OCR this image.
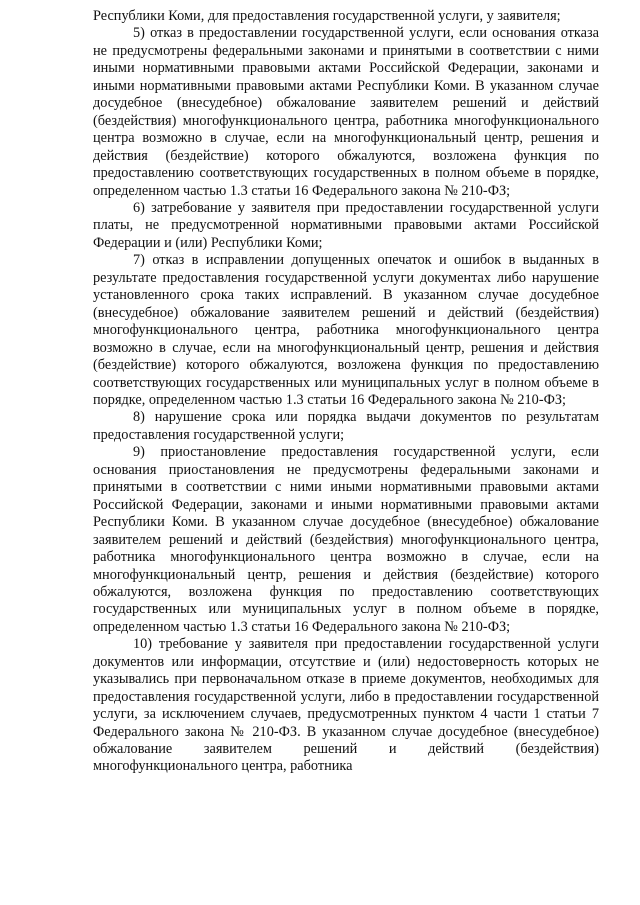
Республики Коми, для предоставления государственной услуги, у заявителя;

5) отказ в предоставлении государственной услуги, если основания отказа не предусмотрены федеральными законами и принятыми в соответствии с ними иными нормативными правовыми актами Российской Федерации, законами и иными нормативными правовыми актами Республики Коми. В указанном случае досудебное (внесудебное) обжалование заявителем решений и действий (бездействия) многофункционального центра, работника многофункционального центра возможно в случае, если на многофункциональный центр, решения и действия (бездействие) которого обжалуются, возложена функция по предоставлению соответствующих государственных в полном объеме в порядке, определенном частью 1.3 статьи 16 Федерального закона № 210-ФЗ;

6) затребование у заявителя при предоставлении государственной услуги платы, не предусмотренной нормативными правовыми актами Российской Федерации и (или) Республики Коми;

7) отказ в исправлении допущенных опечаток и ошибок в выданных в результате предоставления государственной услуги документах либо нарушение установленного срока таких исправлений. В указанном случае досудебное (внесудебное) обжалование заявителем решений и действий (бездействия) многофункционального центра, работника многофункционального центра возможно в случае, если на многофункциональный центр, решения и действия (бездействие) которого обжалуются, возложена функция по предоставлению соответствующих государственных или муниципальных услуг в полном объеме в порядке, определенном частью 1.3 статьи 16 Федерального закона № 210-ФЗ;

8) нарушение срока или порядка выдачи документов по результатам предоставления государственной услуги;

9) приостановление предоставления государственной услуги, если основания приостановления не предусмотрены федеральными законами и принятыми в соответствии с ними иными нормативными правовыми актами Российской Федерации, законами и иными нормативными правовыми актами Республики Коми. В указанном случае досудебное (внесудебное) обжалование заявителем решений и действий (бездействия) многофункционального центра, работника многофункционального центра возможно в случае, если на многофункциональный центр, решения и действия (бездействие) которого обжалуются, возложена функция по предоставлению соответствующих государственных или муниципальных услуг в полном объеме в порядке, определенном частью 1.3 статьи 16 Федерального закона № 210-ФЗ;

10) требование у заявителя при предоставлении государственной услуги документов или информации, отсутствие и (или) недостоверность которых не указывались при первоначальном отказе в приеме документов, необходимых для предоставления государственной услуги, либо в предоставлении государственной услуги, за исключением случаев, предусмотренных пунктом 4 части 1 статьи 7 Федерального закона № 210-ФЗ. В указанном случае досудебное (внесудебное) обжалование заявителем решений и действий (бездействия) многофункционального центра, работника
